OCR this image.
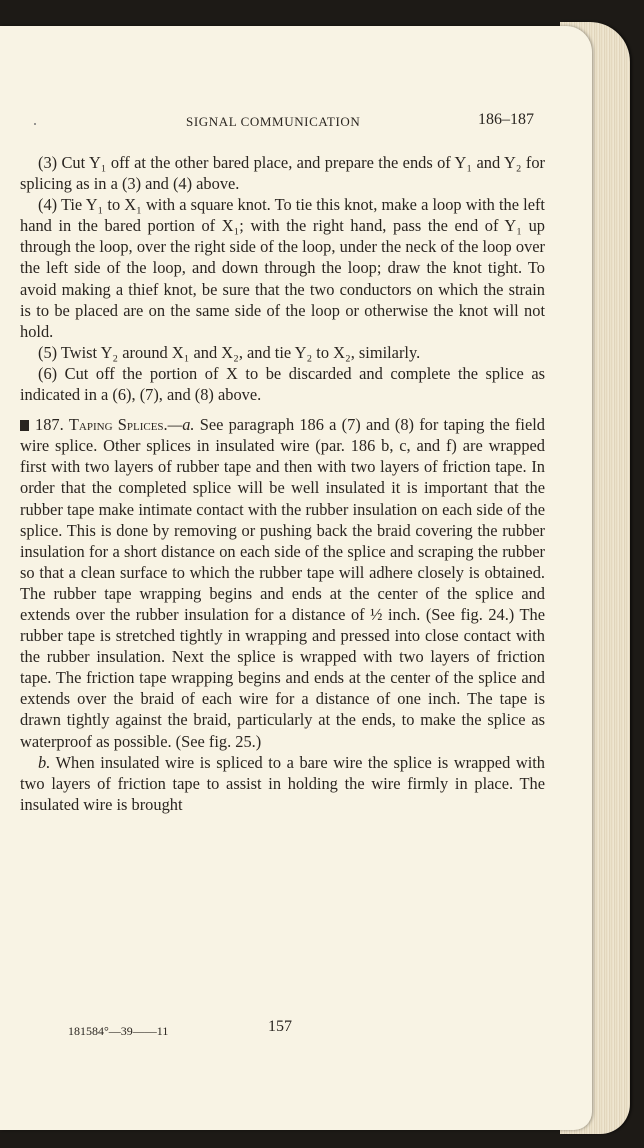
SIGNAL COMMUNICATION	186–187

(3) Cut Y₁ off at the other bared place, and prepare the ends of Y₁ and Y₂ for splicing as in a (3) and (4) above.

(4) Tie Y₁ to X₁ with a square knot. To tie this knot, make a loop with the left hand in the bared portion of X₁; with the right hand, pass the end of Y₁ up through the loop, over the right side of the loop, under the neck of the loop over the left side of the loop, and down through the loop; draw the knot tight. To avoid making a thief knot, be sure that the two conductors on which the strain is to be placed are on the same side of the loop or otherwise the knot will not hold.

(5) Twist Y₂ around X₁ and X₂, and tie Y₂ to X₂, similarly.

(6) Cut off the portion of X to be discarded and complete the splice as indicated in a (6), (7), and (8) above.

187. Taping Splices.—a. See paragraph 186 a (7) and (8) for taping the field wire splice. Other splices in insulated wire (par. 186 b, c, and f) are wrapped first with two layers of rubber tape and then with two layers of friction tape. In order that the completed splice will be well insulated it is important that the rubber tape make intimate contact with the rubber insulation on each side of the splice. This is done by removing or pushing back the braid covering the rubber insulation for a short distance on each side of the splice and scraping the rubber so that a clean surface to which the rubber tape will adhere closely is obtained. The rubber tape wrapping begins and ends at the center of the splice and extends over the rubber insulation for a distance of ½ inch. (See fig. 24.) The rubber tape is stretched tightly in wrapping and pressed into close contact with the rubber insulation. Next the splice is wrapped with two layers of friction tape. The friction tape wrapping begins and ends at the center of the splice and extends over the braid of each wire for a distance of one inch. The tape is drawn tightly against the braid, particularly at the ends, to make the splice as waterproof as possible. (See fig. 25.)

b. When insulated wire is spliced to a bare wire the splice is wrapped with two layers of friction tape to assist in holding the wire firmly in place. The insulated wire is brought

181584°—39——11	157
